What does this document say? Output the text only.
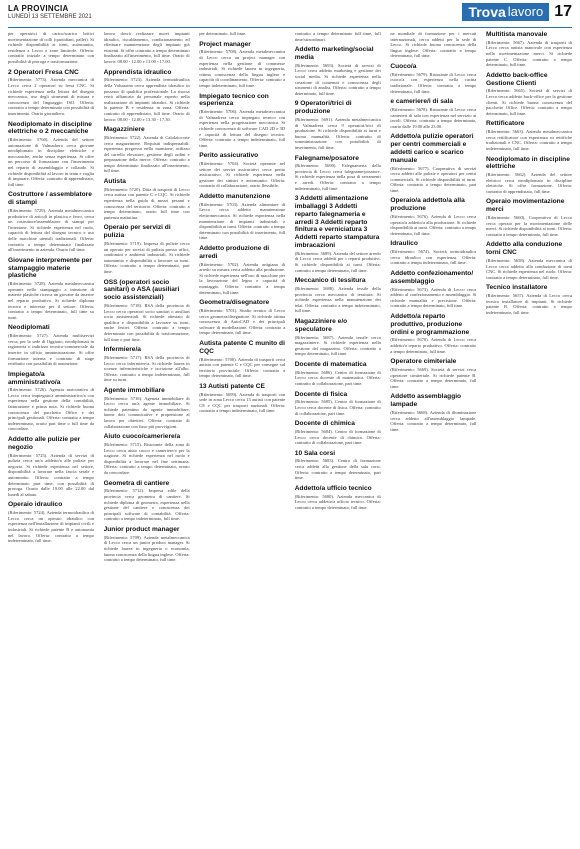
LA PROVINCIA
LUNEDÌ 13 SETTEMBRE 2021	Trova lavoro 17

per operatrici di carico/scarico britici movimentazione di colli (quotidiani, pallet). Si richiede disponibilità ai turni, automunito, residenza a Lecco e zone limitrofe. Offerta: contratto iniziale a tempo determinato con possibilità di proroga e trasformazione.

2 Operatori Fresa CNC

(Riferimento: 5773). Azienda meccanica di Lecco cerca 2 operatori su fresa CNC. Si richiede esperienza nella lettura del disegno meccanico, uso degli strumenti di misura e conoscenza del linguaggio ISO. Offerta: contratto a tempo determinato con possibilità di inserimento. Orario giornaliero.

Neodiplomato in discipline elettriche o 2 meccaniche

(Riferimento: 5760). Azienda del settore automazione di Valmadrera cerca giovane neodiplomato in discipline elettriche o meccaniche, anche senza esperienza. Si offre un percorso di formazione con l'inserimento nel reparto di assemblaggio e collaudo. Si richiede disponibilità al lavoro in team e voglia di imparare. Offerta: contratto di apprendistato, full time.

Costruttore / assemblatore di stampi

(Riferimento: 5729). Azienda metalmeccanica produttrice di articoli in plastica e ferro, cerca un costruttore/assemblatore di stampi per l'iniezione. Si richiede esperienza nel ruolo, capacità di lettura del disegno tecnico e uso delle macchine utensili tradizionali. Offerta: contratto a tempo determinato finalizzato all'inserimento in azienda. Orario full time.

Giovane interpremente per stampaggio materie plastiche

(Riferimento: 5728). Azienda metalmeccanica operante nello stampaggio a iniezione di materie plastiche ricerca un giovane da inserire nel reparto produttivo. Si richiede diploma tecnico e interesse per il settore. Offerta: contratto a tempo determinato, full time su turni.

Neodiplomati

(Riferimento: 5727). Azienda multiservizi cerca, per la sede di Oggiono, neodiplomati in ragioneria o indirizzo tecnico-commerciale da inserire in ufficio amministrazione. Si offre formazione interna e contratto di stage retribuito con possibilità di assunzione.

Impiegato/a amministrativo/a

(Riferimento: 5726). Agenzia assicurativa di Lecco cerca impiegato/a amministrativo/a con esperienza nella gestione della contabilità, fatturazione e prima nota. Si richiede buona conoscenza del pacchetto Office e dei principali gestionali. Offerta: contratto a tempo indeterminato, orario part time o full time da concordare.

Addetto alle pulizie per negozio

(Riferimento: 5725). Azienda di servizi di pulizia cerca un/a addetto/a alle pulizie per negozio. Si richiede esperienza nel settore, disponibilità a lavorare nella fascia serale e automunito. Offerta: contratto a tempo determinato part time, con possibilità di proroga. Orario dalle 19.00 alle 22.00 dal lunedì al sabato.

Operaio idraulico

(Riferimento: 5724). Azienda termoidraulica di Lecco cerca un operaio idraulico con esperienza nell'installazione di impianti civili e industriali. Si richiede patente B e autonomia nel lavoro. Offerta: contratto a tempo indeterminato, full time.

lavoro dovrà realizzare nuovi impianti idraulici, riscaldamento, condizionamento ed effettuare manutenzione degli impianti già esistenti. Si offre contratto a tempo determinato finalizzato all'inserimento, full time. Orario di lavoro: 08.00 - 12.00 e 13.00 - 17.00.

Apprendista idraulico

(Riferimento: 5723). Azienda termoidraulica della Valsassina cerca apprendista idraulico in possesso di qualifica professionale. La risorsa verrà affiancata da personale esperto nella realizzazione di impianti idraulici. Si richiede la patente B e residenza in zona. Offerta: contratto di apprendistato, full time. Orario di lavoro: 08.00 - 12.00 e 13.30 - 17.30.

Magazziniere

(Riferimento: 5722). Azienda di Calolziocorte cerca magazziniere. Requisiti indispensabili: esperienza pregressa nella mansione, utilizzo del carrello elevatore, gestione degli ordini e preparazione della merce. Offerta: contratto a tempo determinato finalizzato all'inserimento, full time.

Autista

(Riferimento: 5720). Ditta di trasporti di Lecco cerca autista con patente C e CQC. Si richiede esperienza nella guida di mezzi pesanti e conoscenza del territorio. Offerta: contratto a tempo determinato, orario full time con partenza mattutina.

Operaio per servizi di pulizia

(Riferimento: 5719). Impresa di pulizie cerca un operaio per servizi di pulizia presso uffici, condomini e ambienti industriali. Si richiede automunito e disponibilità a lavorare su turni. Offerta: contratto a tempo determinato, part time.

OSS (operatori socio sanitari) o ASA (ausiliari socio assistenziali)

(Riferimento: 5718). RSA della provincia di Lecco cerca operatori socio sanitari o ausiliari socio assistenziali. Si richiede attestato di qualifica e disponibilità a lavorare su turni, anche festivi. Offerta: contratto a tempo determinato con possibilità di trasformazione, full time o part time.

Infermiere/a

(Riferimento: 5717). RSA della provincia di Lecco cerca infermiere/a. Si richiede laurea in scienze infermieristiche e iscrizione all'albo. Offerta: contratto a tempo indeterminato, full time su turni.

Agente immobiliare

(Riferimento: 5716). Agenzia immobiliare di Lecco cerca un/a agente immobiliare. Si richiede patentino da agente immobiliare, buone doti comunicative e propensione al lavoro per obiettivi. Offerta: contratto di collaborazione con fisso più provvigioni.

Aiuto cuoco/cameriere/a

(Riferimento: 5715). Ristorante della zona di Lecco cerca aiuto cuoco e cameriere/a per la stagione. Si richiede esperienza nel ruolo e disponibilità a lavorare nel fine settimana. Offerta: contratto a tempo determinato, orario da concordare.

Geometra di cantiere

(Riferimento: 5712). Impresa edile della provincia cerca geometra di cantiere. Si richiede diploma di geometra, esperienza nella gestione del cantiere e conoscenza dei principali software di contabilità. Offerta: contratto a tempo indeterminato, full time.

Junior product manager

(Riferimento: 5709). Azienda metalmeccanica di Lecco cerca un junior product manager. Si richiede laurea in ingegneria o economia, buona conoscenza della lingua inglese. Offerta: contratto a tempo determinato, full time.

per determinato. full time.

Project manager

(Riferimento: 5708). Azienda metalmeccanica di Lecco cerca un project manager con esperienza nella gestione di commesse industriali. Si richiede laurea in ingegneria, ottima conoscenza della lingua inglese e capacità di coordinamento. Offerta: contratto a tempo indeterminato, full time.

Impiegato tecnico con esperienza

(Riferimento: 5706). Azienda metalmeccanica di Valmadrera cerca impiegato tecnico con esperienza nella progettazione meccanica. Si richiede conoscenza di software CAD 2D e 3D e capacità di lettura del disegno tecnico. Offerta: contratto a tempo indeterminato, full time.

Perito assicurativo

(Riferimento: 5704). Società operante nel settore dei servizi assicurativi cerca perito assicurativo. Si richiede esperienza nella gestione dei sinistri e automunito. Offerta: contratto di collaborazione, orario flessibile.

Addetto manutenzione

(Riferimento: 5703). Azienda alimentare di Lecco cerca addetto manutenzione elettromeccanica. Si richiede esperienza nella manutenzione di impianti industriali e disponibilità ai turni. Offerta: contratto a tempo determinato con possibilità di inserimento, full time.

Addetto produzione di arredi

(Riferimento: 5702). Azienda artigiana di arredo su misura cerca addetto alla produzione. Si richiede esperienza nell'uso di macchine per la lavorazione del legno e capacità di montaggio. Offerta: contratto a tempo determinato, full time.

Geometra/disegnatore

(Riferimento: 5701). Studio tecnico di Lecco cerca geometra/disegnatore. Si richiede ottima conoscenza di AutoCAD e dei principali software di modellazione. Offerta: contratto a tempo determinato, full time.

Autista patente C munito di CQC

(Riferimento: 5700). Azienda di trasporti cerca autista con patente C e CQC per consegne sul territorio provinciale. Offerta: contratto a tempo determinato, full time.

13 Autisti patente CE

(Riferimento: 5699). Azienda di trasporti con sede in zona Lecco cerca 13 autisti con patente CE e CQC per trasporti nazionali. Offerta: contratto a tempo indeterminato, full time.

contratto a tempo determinato full time, full time/straordinari.

Addetto marketing/social media

(Riferimento: 5693). Società di servizi di Lecco cerca addetto marketing e gestione dei social media. Si richiede esperienza nella creazione di contenuti e conoscenza degli strumenti di analisi. Offerta: contratto a tempo determinato, full time.

9 Operatori/trici di produzione

(Riferimento: 5691). Azienda metalmeccanica di Valmadrera cerca 9 operatori/trici di produzione. Si richiede disponibilità ai turni e buona manualità. Offerta: contratto di somministrazione con possibilità di inserimento, full time.

Falegname/posatore

(Riferimento: 5690). Falegnameria della provincia di Lecco cerca falegname/posatore. Si richiede esperienza nella posa di serramenti e arredi. Offerta: contratto a tempo indeterminato, full time.

3 Addetti alimentazione imballaggi 3 Addetti reparto falegnameria e arredi 3 Addetti reparto finitura e verniciatura 3 Addetti reparto stampatura imbracazioni

(Riferimento: 5689). Azienda del settore arredo di Lecco cerca addetti per i reparti produttivi. Si richiede disponibilità ai turni. Offerta: contratto a tempo determinato, full time.

Meccanico di tessitura

(Riferimento: 5688). Azienda tessile della provincia cerca meccanico di tessitura. Si richiede esperienza nella manutenzione dei telai. Offerta: contratto a tempo indeterminato, full time.

Magazziniere e/o speculatore

(Riferimento: 5687). Azienda tessile cerca magazziniere. Si richiede esperienza nella gestione del magazzino. Offerta: contratto a tempo determinato, full time.

Docente di matematica

(Riferimento: 5686). Centro di formazione di Lecco cerca docente di matematica. Offerta: contratto di collaborazione, part time.

Docente di fisica

(Riferimento: 5685). Centro di formazione di Lecco cerca docente di fisica. Offerta: contratto di collaborazione, part time.

Docente di chimica

(Riferimento: 5684). Centro di formazione di Lecco cerca docente di chimica. Offerta: contratto di collaborazione, part time.

10 Sala corsi

(Riferimento: 5683). Centro di formazione cerca addetti alla gestione della sala corsi. Offerta: contratto a tempo determinato, part time.

Addetto/a ufficio tecnico

(Riferimento: 5680). Azienda meccanica di Lecco cerca addetto/a ufficio tecnico. Offerta: contratto a tempo determinato, full time.

ne mondiale di formazione per i mercati internazionali, cerca addetti per la sede di Lecco. Si richiede buona conoscenza della lingua inglese. Offerta: contratto a tempo determinato, full time.

Cuoco/a

(Riferimento: 5679). Ristorante di Lecco cerca cuoco/a con esperienza nella cucina tradizionale. Offerta: contratto a tempo determinato, full time.

e cameriere/i di sala

(Riferimento: 5678). Ristorante di Lecco cerca camerieri di sala con esperienza nel servizio ai tavoli. Offerta: contratto a tempo determinato, orario dalle 19.00 alle 23.00.

Addetto/a pulizie operatori per centri commerciali e addetti carico e scarico manuale

(Riferimento: 5677). Cooperativa di servizi cerca addetti alle pulizie e operatori per centri commerciali. Si richiede disponibilità ai turni. Offerta: contratto a tempo determinato, part time.

Operaio/a addetto/a alla produzione

(Riferimento: 5676). Azienda di Lecco cerca operaio/a addetto/a alla produzione. Si richiede disponibilità ai turni. Offerta: contratto a tempo determinato, full time.

Idraulico

(Riferimento: 5674). Società termoidraulica cerca idraulico con esperienza. Offerta: contratto a tempo indeterminato, full time.

Addetto confezionamento/ assemblaggio

(Riferimento: 5673). Azienda di Lecco cerca addetto al confezionamento e assemblaggio. Si richiede manualità e precisione. Offerta: contratto a tempo determinato, full time.

Addetto/a reparto produttivo, produzione ordini e programmazione

(Riferimento: 5670). Azienda di Lecco cerca addetto/a reparto produttivo. Offerta: contratto a tempo determinato, full time.

Operatore cimiteriale

(Riferimento: 5669). Società di servizi cerca operatore cimiteriale. Si richiede patente B. Offerta: contratto a tempo determinato, full time.

Addetto assemblaggio lampade

(Riferimento: 5668). Azienda di illuminazione cerca addetto all'assemblaggio lampade. Offerta: contratto a tempo determinato, full time.

Multitista manovale

(Riferimento: 5667). Azienda di trasporti di Lecco cerca autista manovale con esperienza nella movimentazione merci. Si richiede patente C. Offerta: contratto a tempo determinato, full time.

Addetto back-office Gestione Clienti

(Riferimento: 5665). Società di servizi di Lecco cerca addetto back-office per la gestione clienti. Si richiede buona conoscenza del pacchetto Office. Offerta: contratto a tempo determinato, full time.

Rettificatore

(Riferimento: 5663). Azienda metalmeccanica cerca rettificatore con esperienza su rettifiche tradizionali e CNC. Offerta: contratto a tempo indeterminato, full time.

Neodiplomato in discipline elettriche

(Riferimento: 5662). Azienda del settore elettrico cerca neodiplomato in discipline elettriche. Si offre formazione. Offerta: contratto di apprendistato, full time.

Operaio movimentazione merci

(Riferimento: 5660). Cooperativa di Lecco cerca operaio per la movimentazione delle merci. Si richiede disponibilità ai turni. Offerta: contratto a tempo determinato, full time.

Addetto alla conduzione torni CNC

(Riferimento: 5658). Azienda meccanica di Lecco cerca addetto alla conduzione di torni CNC. Si richiede esperienza nel ruolo. Offerta: contratto a tempo determinato, full time.

Tecnico installatore

(Riferimento: 5657). Azienda di Lecco cerca tecnico installatore di impianti. Si richiede patente B. Offerta: contratto a tempo indeterminato, full time.
